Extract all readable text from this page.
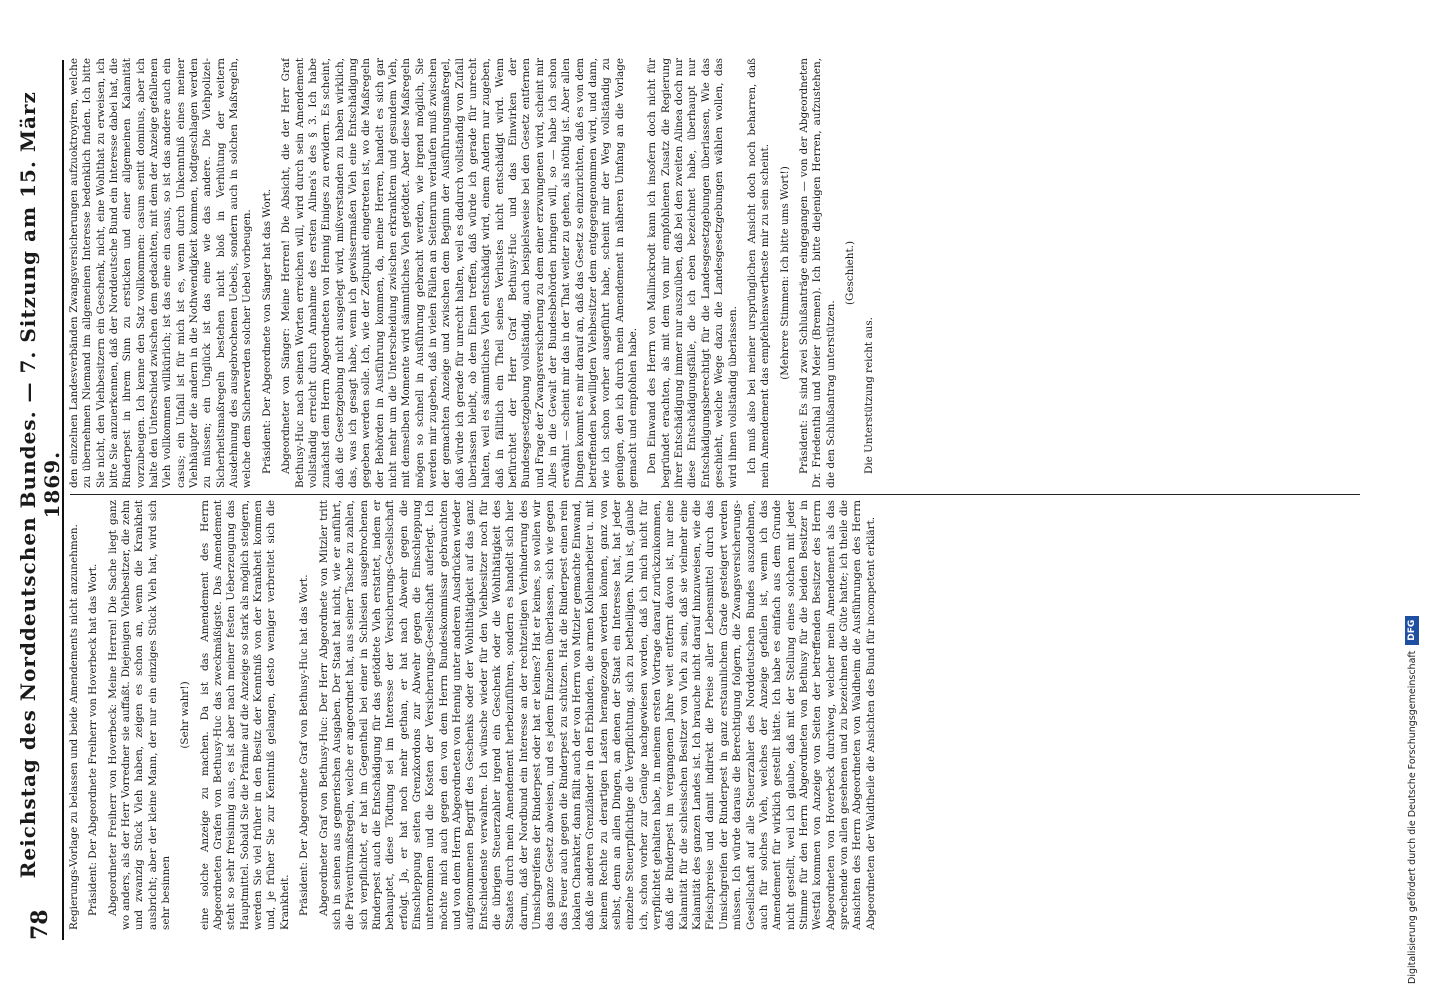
78
Reichstag des Norddeutschen Bundes. — 7. Sitzung am 15. März 1869.

Regierungs-Vorlage zu belassen und beide Amendements nicht anzunehmen. Präsident: Der Abgeordnete Freiherr von Hoverbeck hat das Wort. Abgeordneter Freiherr von Hoverbeck: Meine Herren! Die Sache liegt ganz wo anders, als der Herr Vorredner sie auffaßt. Diejenigen Viehbesitzer, die zehn und zwanzig Stück Vieh haben, zeigen es schon an, wenn die Krankheit ausbricht; aber der kleine Mann, der nur ein einziges Stück Vieh hat, wird sich sehr besinnen

(Sehr wahr!) eine solche Anzeige zu machen. Da ist das Amendement des Herrn Abgeordneten Grafen von Bethusy-Huc das zweckmäßigste. Das Amendement steht so sehr freisinnig aus, es ist aber nach meiner festen Ueberzeugung das Hauptmittel. Sobald Sie die Prämie auf die Anzeige so stark als möglich steigern, werden Sie viel früher in den Besitz der Kenntniß von der Krankheit kommen und, je früher Sie zur Kenntniß gelangen, desto weniger verbreitet sich die Krankheit. Präsident: Der Abgeordnete Graf von Bethusy-Huc hat das Wort. Abgeordneter Graf von Bethusy-Huc: Der Herr Abgeordnete von Mitzler tritt sich in seinen aus gegnerischen Ausgaben. Der Staat hat nicht, wie er anführt, die Präventivmaßregeln, welche er angeordnet hat, aus seiner Tasche zu zahlen, sich verpflichtet, er hat im Gegentheil bei einer in Schlesien ausgebrochenen Rinderpest auch die Entschädigung für das getödtete Vieh erstattet, indem er behauptet, diese Tödtung sei im Interesse der Versicherungs-Gesellschaft erfolgt. Ja, er hat noch mehr gethan, er hat nach Abwehr gegen die Einschleppung seiten Grenzkordons zur Abwehr gegen die Einschleppung unternommen und die Kosten der Versicherungs-Gesellschaft auferlegt. Ich möchte mich auch gegen den von dem Herrn Bundeskommissar gebrauchten und von dem Herrn Abgeordneten von Hennig unter anderen Ausdrücken wieder aufgenommenen Begriff des Geschenks oder der Wohlthätigkeit auf das ganz Entschiedenste verwahren. Ich wünsche wieder für den Viehbesitzer noch für die übrigen Steuerzahler irgend ein Geschenk oder die Wohlthätigkeit des Staates durch mein Amendement herbeizuführen, sondern es handelt sich hier darum, daß der Nordbund ein Interesse an der rechtzeitigen Verhinderung des Umsichgreifens der Rinderpest oder hat er keines? Hat er keines, so wollen wir das ganze Gesetz abweisen, und es jedem Einzelnen überlassen, sich wie gegen das Feuer auch gegen die Rinderpest zu schützen. Hat die Rinderpest einen rein lokalen Charakter, dann fällt auch der von Herrn von Mitzler gemachte Einwand, daß die anderen Grenzländer in den Erblanden, die armen Kohlenarbeiter u. mit keinem Rechte zu derartigen Lasten herangezogen werden können, ganz von selbst, denn an allen Dingen, an denen der Staat ein Interesse hat, hat jeder einzelne Steuerpflichtige die Verpflichtung, sich zu betheiligen. Nun ist, glaube ich, schon vorher zur Genüge nachgewiesen worden, daß ich mich nicht für verpflichtet gehalten habe, in meinem ersten Vortrage darauf zurückzukommen, daß die Rinderpest im vergangenen Jahre weit entfernt davon ist, nur eine Kalamität für die schlesischen Besitzer von Vieh zu sein, daß sie vielmehr eine Kalamität des ganzen Landes ist. Ich brauche nicht darauf hinzuweisen, wie die Fleischpreise und damit indirekt die Preise aller Lebensmittel durch das Umsichgreifen der Rinderpest in ganz erstaunlichem Grade gesteigert werden müssen. Ich würde daraus die Berechtigung folgern, die Zwangsversicherungs-Gesellschaft auf alle Steuerzahler des Norddeutschen Bundes auszudehnen, auch für solches Vieh, welches der Anzeige gefallen ist, wenn ich das Amendement für wirklich gestellt hätte. Ich habe es einfach aus dem Grunde nicht gestellt, weil ich glaube, daß mit der Stellung eines solchen mit jeder Stimme für den Herrn Abgeordneten von Bethusy für die beiden Besitzer in Westfal kommen von Anzeige von Seiten der betreffenden Besitzer des Herrn Abgeordneten von Hoverbeck durchweg, welcher mein Amendement als das sprechende von allen gesehenen und zu bezeichnen die Güte hatte; ich theile die Ansichten des Herrn Abgeordneten von Waldheim die Ausführungen des Herrn Abgeordneten der Waldtheile die Ansichten des Bund für incompetent erklärt.

den einzelnen Landesverbänden Zwangsversicherungen aufzuoktroyiren, welche zu übernehmen Niemand im allgemeinen Interesse bedenklich finden. Ich bitte Sie nicht, den Viehbesitzern ein Geschenk, nicht, eine Wohlthat zu erweisen, ich bitte Sie anzuerkennen, daß der Norddeutsche Bund ein Interesse dabei hat, die Rinderpest in ihrem Sinn zu ersticken und einer allgemeinen Kalamität vorzubeugen. Ich kenne den Satz vollkommen: casum sentit dominus, aber ich halte den Unterschied zwischen dem gedachten, mit dem der Anzeige gefallenen Vieh vollkommen willkürlich; ist das eine ein casus, so ist das andere auch ein casus; ein Unfall ist für mich ist es, wenn durch Unkenntniß eines meiner Viehhäupter die andern in die Nothwendigkeit kommen, todtgeschlagen werden zu müssen; ein Unglück ist das eine wie das andere. Die Viehpolizei-Sicherheitsmaßregeln bestehen nicht bloß in Verhütung der weitern Ausdehnung des ausgebrochenen Uebels, sondern auch in solchen Maßregeln, welche dem Sicherwerden solcher Uebel vorbeugen. Präsident: Der Abgeordnete von Sänger hat das Wort. Abgeordneter von Sänger: Meine Herren! Die Absicht, die der Herr Graf Bethusy-Huc nach seinen Worten erreichen will, wird durch sein Amendement vollständig erreicht durch Annahme des ersten Alinea's des § 3. Ich habe zunächst dem Herrn Abgeordneten von Hennig Einiges zu erwidern. Es scheint, daß die Gesetzgebung nicht ausgelegt wird, mißverstanden zu haben wirklich, das, was ich gesagt habe, wenn ich gewissermaßen Vieh eine Entschädigung gegeben werden solle. Ich, wie der Zeitpunkt eingetreten ist, wo die Maßregeln der Behörden in Ausführung kommen, da, meine Herren, handelt es sich gar nicht mehr um die Unterscheidung zwischen erkranktem und gesundem Vieh, mit demselben Momente wird sämmtliches Vieh getödtet. Aber diese Maßregeln mögen so schnell in Ausführung gebracht werden, wie irgend möglich, Sie werden mir zugeben, daß in vielen Fällen an Seitenrum verlaufen muß zwischen der gemachten Anzeige und zwischen dem Beginn der Ausführungsmaßregel, daß würde ich gerade für unrecht halten, weil es dadurch vollständig von Zufall überlassen bleibt, ob dem Einen treffen, daß würde ich gerade für unrecht halten, weil es sämmtliches Vieh entschädigt wird, einem Andern nur zugeben, daß in fälltlich ein Theil seines Verlustes nicht entschädigt wird. Wenn befürchtet der Herr Graf Bethusy-Huc und das Einwirken der Bundesgesetzgebung vollständig, auch beispielsweise bei den Gesetz entfernen und Frage der Zwangsversicherung zu dem einer erzwungenen wird, scheint mir Alles in die Gewalt der Bundesbehörden bringen will, so — habe ich schon erwähnt — scheint mir das in der That weiter zu gehen, als nöthig ist. Aber allen Dingen kommt es mir darauf an, daß das Gesetz so einzurichten, daß es von dem betreffenden bewilligten Viehbesitzer dem entgegengenommen wird, und dann, wie ich schon vorher ausgeführt habe, scheint mir der Weg vollständig zu genügen, den ich durch mein Amendement in näheren Umfang an die Vorlage gemacht und empfohlen habe. Den Einwand des Herrn von Mallinckrodt kann ich insofern doch nicht für begründet erachten, als mit dem von mir empfohlenen Zusatz die Regierung ihrer Entschädigung immer nur auszuüben, daß bei den zweiten Alinea doch nur diese Entschädigungsfälle, die ich eben bezeichnet habe, überhaupt nur Entschädigungsberechtigt für die Landesgesetzgebungen überlassen, Wie das geschieht, welche Wege dazu die Landesgesetzgebungen wählen wollen, das wird ihnen vollständig überlassen. Ich muß also bei meiner ursprünglichen Ansicht doch noch beharren, daß mein Amendement das empfehlenswertheste mir zu sein scheint. (Mehrere Stimmen: Ich bitte ums Wort!) Präsident: Es sind zwei Schlußanträge eingegangen — von der Abgeordneten Dr. Friedenthal und Meier (Bremen). Ich bitte diejenigen Herren, aufzustehen, die den Schlußantrag unterstützen.

(Geschieht.)

Die Unterstützung reicht aus.

Digitalisierung gefördert durch die Deutsche Forschungsgemeinschaft
DFG
